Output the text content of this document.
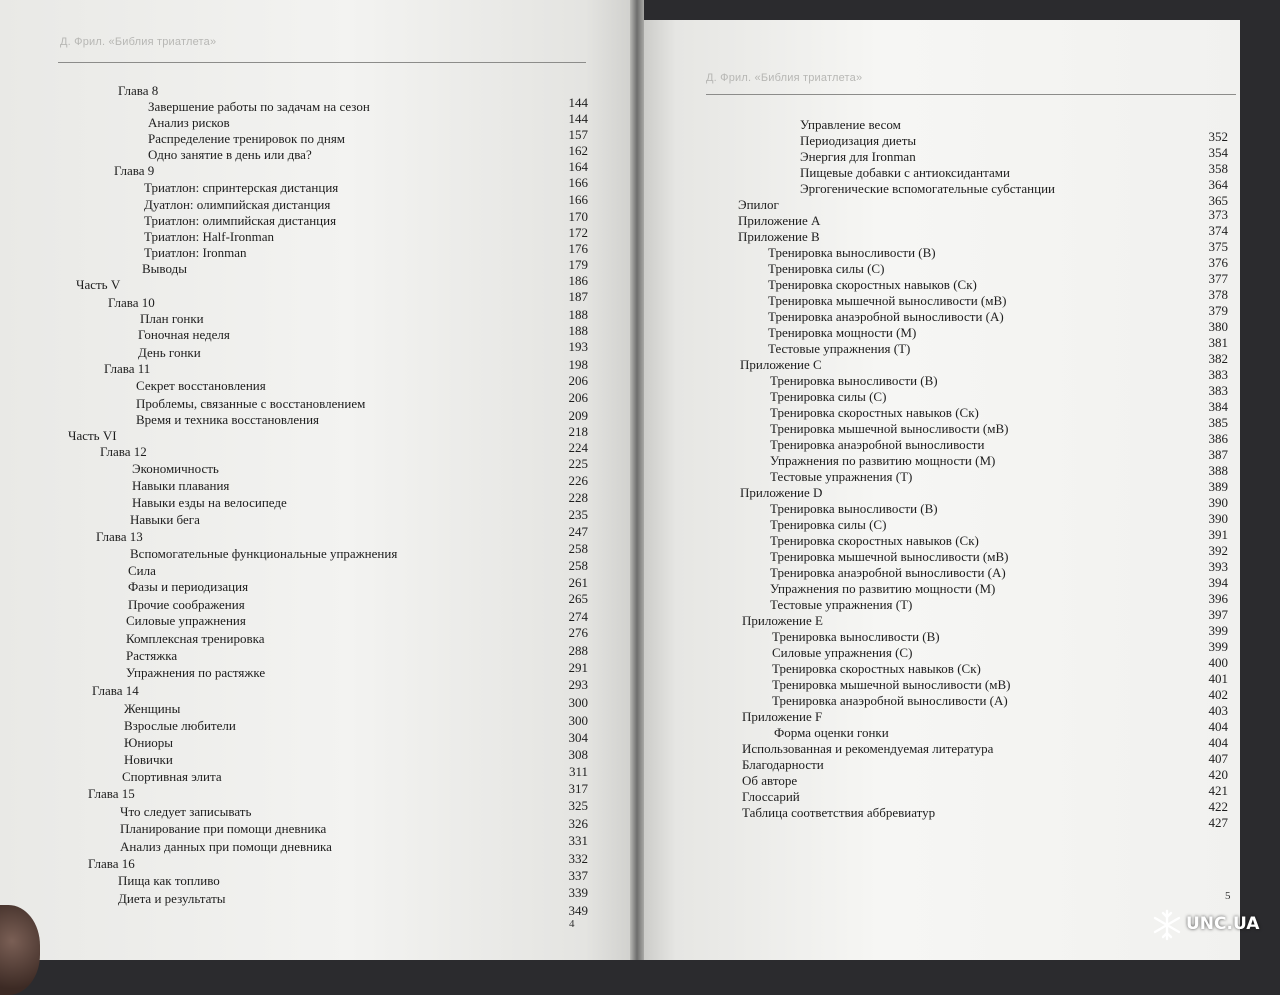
Д. Фрил. «Библия триатлета»
Глава 8
144
Завершение работы по задачам на сезон
144
Анализ рисков
157
Распределение тренировок по дням
162
Одно занятие в день или два?
164
Глава 9
166
Триатлон: спринтерская дистанция
166
Дуатлон: олимпийская дистанция
170
Триатлон: олимпийская дистанция
172
Триатлон: Half-Ironman
176
Триатлон: Ironman
179
Выводы
186
Часть V
187
Глава 10
188
План гонки
188
Гоночная неделя
193
День гонки
198
Глава 11
206
Секрет восстановления
206
Проблемы, связанные с восстановлением
209
Время и техника восстановления
218
Часть VI
224
Глава 12
225
Экономичность
226
Навыки плавания
228
Навыки езды на велосипеде
235
Навыки бега
247
Глава 13
258
Вспомогательные функциональные упражнения
258
Сила
261
Фазы и периодизация
265
Прочие соображения
274
Силовые упражнения
276
Комплексная тренировка
288
Растяжка
291
Упражнения по растяжке
293
Глава 14
300
Женщины
300
Взрослые любители
304
Юниоры
308
Новички
311
Спортивная элита
317
Глава 15
325
Что следует записывать
326
Планирование при помощи дневника
331
Анализ данных при помощи дневника
332
Глава 16
337
Пища как топливо
339
Диета и результаты
349
4
Д. Фрил. «Библия триатлета»
Управление весом
352
Периодизация диеты
354
Энергия для Ironman
358
Пищевые добавки с антиоксидантами
364
Эргогенические вспомогательные субстанции
365
Эпилог
373
Приложение A
374
Приложение B
375
Тренировка выносливости (В)
376
Тренировка силы (С)
377
Тренировка скоростных навыков (Ск)
378
Тренировка мышечной выносливости (мВ)
379
Тренировка анаэробной выносливости (А)
380
Тренировка мощности (М)
381
Тестовые упражнения (Т)
382
Приложение C
383
Тренировка выносливости (В)
383
Тренировка силы (С)
384
Тренировка скоростных навыков (Ск)
385
Тренировка мышечной выносливости (мВ)
386
Тренировка анаэробной выносливости
387
Упражнения по развитию мощности (М)
388
Тестовые упражнения (Т)
389
Приложение D
390
Тренировка выносливости (В)
390
Тренировка силы (С)
391
Тренировка скоростных навыков (Ск)
392
Тренировка мышечной выносливости (мВ)
393
Тренировка анаэробной выносливости (А)
394
Упражнения по развитию мощности (М)
396
Тестовые упражнения (Т)
397
Приложение E
399
Тренировка выносливости (В)
399
Силовые упражнения (С)
400
Тренировка скоростных навыков (Ск)
401
Тренировка мышечной выносливости (мВ)
402
Тренировка анаэробной выносливости (А)
403
Приложение F
404
Форма оценки гонки
404
Использованная и рекомендуемая литература
407
Благодарности
420
Об авторе
421
Глоссарий
422
Таблица соответствия аббревиатур
427
5
UNC.UA
